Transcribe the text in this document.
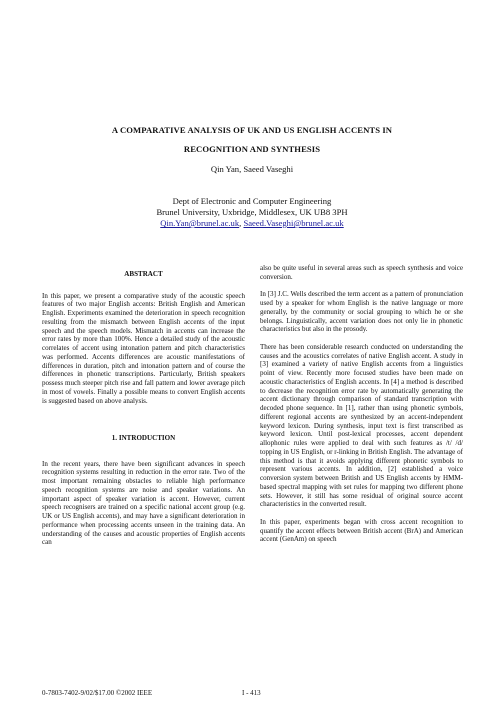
A COMPARATIVE ANALYSIS OF UK AND US ENGLISH ACCENTS IN
RECOGNITION AND SYNTHESIS
Qin Yan, Saeed Vaseghi
Dept of Electronic and Computer Engineering
Brunel University, Uxbridge, Middlesex, UK UB8 3PH
Qin.Yan@brunel.ac.uk, Saeed.Vaseghi@brunel.ac.uk

ABSTRACT

In this paper, we present a comparative study of the acoustic speech features of two major English accents: British English and American English. Experiments examined the deterioration in speech recognition resulting from the mismatch between English accents of the input speech and the speech models. Mismatch in accents can increase the error rates by more than 100%. Hence a detailed study of the acoustic correlates of accent using intonation pattern and pitch characteristics was performed. Accents differences are acoustic manifestations of differences in duration, pitch and intonation pattern and of course the differences in phonetic transcriptions. Particularly, British speakers possess much steeper pitch rise and fall pattern and lower average pitch in most of vowels. Finally a possible means to convert English accents is suggested based on above analysis.

1. INTRODUCTION

In the recent years, there have been significant advances in speech recognition systems resulting in reduction in the error rate. Two of the most important remaining obstacles to reliable high performance speech recognition systems are noise and speaker variations. An important aspect of speaker variation is accent. However, current speech recognisers are trained on a specific national accent group (e.g. UK or US English accents), and may have a significant deterioration in performance when processing accents unseen in the training data. An understanding of the causes and acoustic properties of English accents can

also be quite useful in several areas such as speech synthesis and voice conversion.

In [3] J.C. Wells described the term accent as a pattern of pronunciation used by a speaker for whom English is the native language or more generally, by the community or social grouping to which he or she belongs. Linguistically, accent variation does not only lie in phonetic characteristics but also in the prosody.

There has been considerable research conducted on understanding the causes and the acoustics correlates of native English accent. A study in [3] examined a variety of native English accents from a linguistics point of view. Recently more focused studies have been made on acoustic characteristics of English accents. In [4] a method is described to decrease the recognition error rate by automatically generating the accent dictionary through comparison of standard transcription with decoded phone sequence. In [1], rather than using phonetic symbols, different regional accents are synthesized by an accent-independent keyword lexicon. During synthesis, input text is first transcribed as keyword lexicon. Until post-lexical processes, accent dependent allophonic rules were applied to deal with such features as /t/ /d/ topping in US English, or r-linking in British English. The advantage of this method is that it avoids applying different phonetic symbols to represent various accents. In addition, [2] established a voice conversion system between British and US English accents by HMM-based spectral mapping with set rules for mapping two different phone sets. However, it still has some residual of original source accent characteristics in the converted result.

In this paper, experiments began with cross accent recognition to quantify the accent effects between British accent (BrA) and American accent (GenAm) on speech

0-7803-7402-9/02/$17.00 ©2002 IEEE	I - 413
